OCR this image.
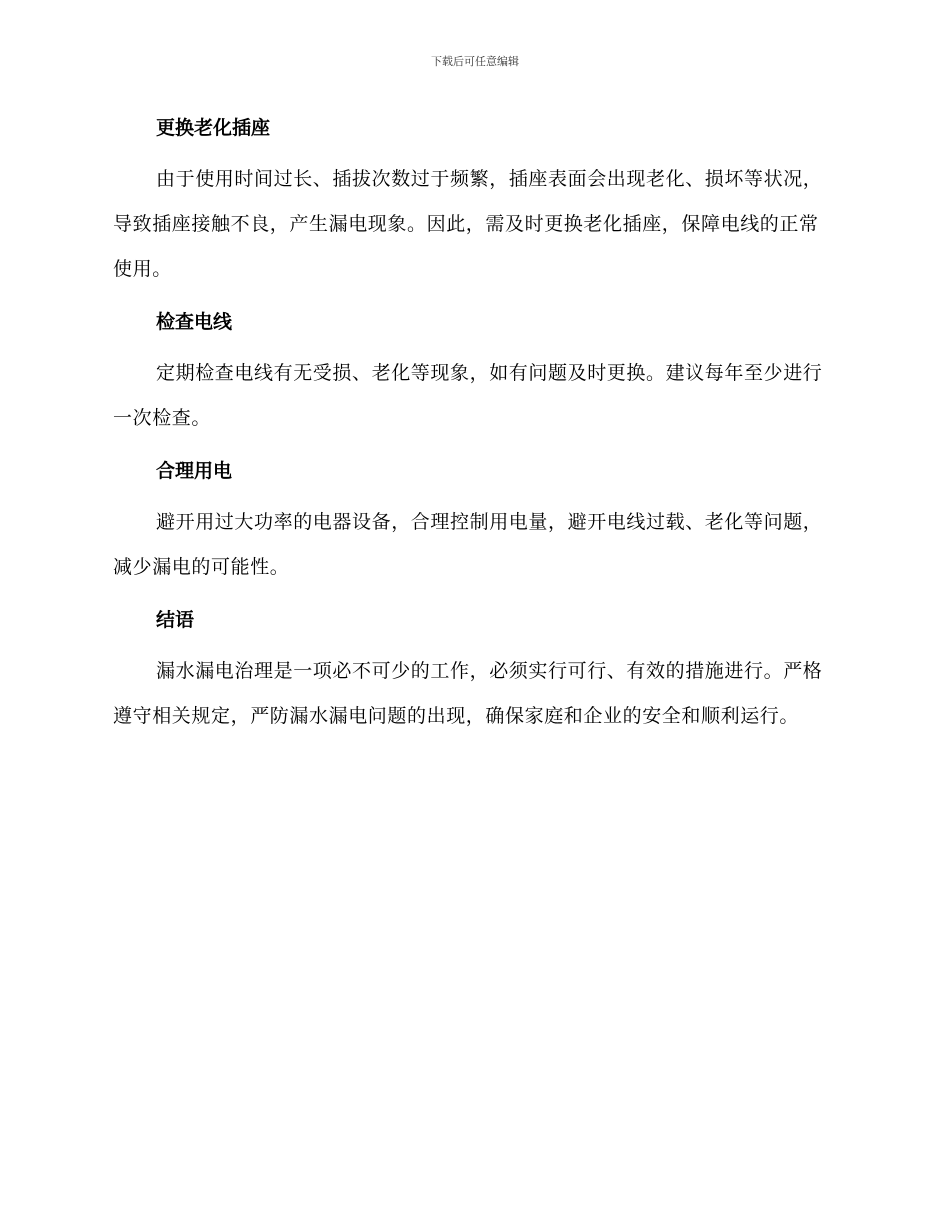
下载后可任意编辑
更换老化插座

由于使用时间过长、插拔次数过于频繁，插座表面会出现老化、损坏等状况，导致插座接触不良，产生漏电现象。因此，需及时更换老化插座，保障电线的正常使用。

检查电线

定期检查电线有无受损、老化等现象，如有问题及时更换。建议每年至少进行一次检查。

合理用电

避开用过大功率的电器设备，合理控制用电量，避开电线过载、老化等问题，减少漏电的可能性。

结语

漏水漏电治理是一项必不可少的工作，必须实行可行、有效的措施进行。严格遵守相关规定，严防漏水漏电问题的出现，确保家庭和企业的安全和顺利运行。
